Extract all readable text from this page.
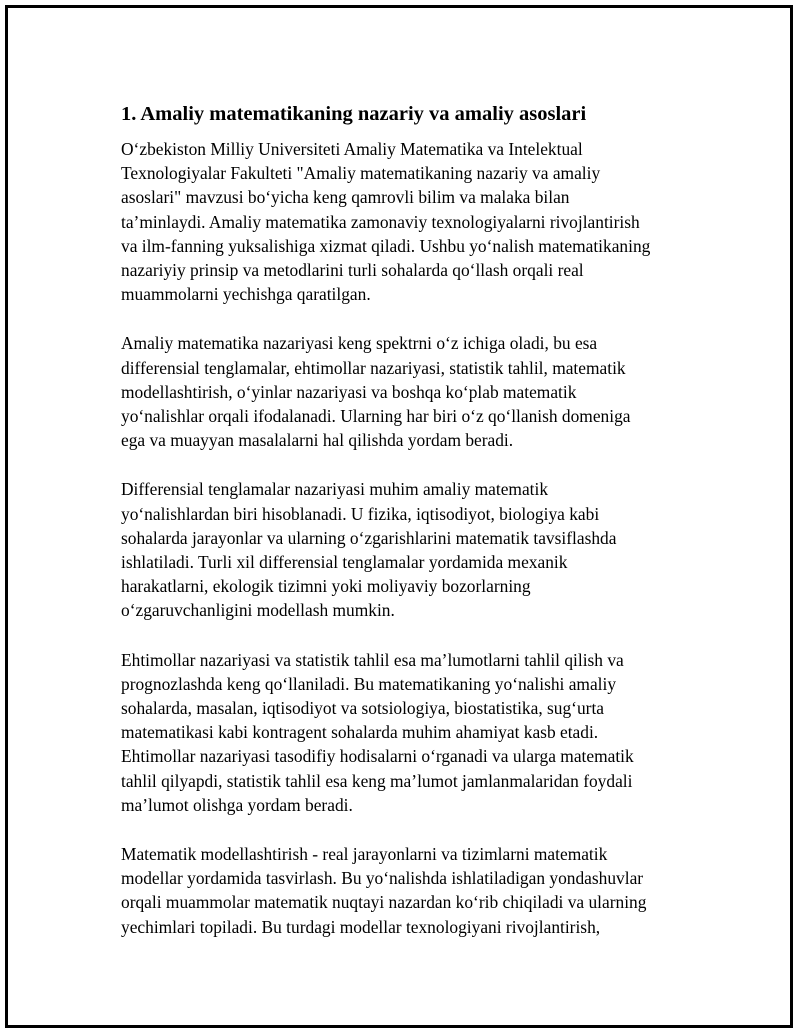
1. Amaliy matematikaning nazariy va amaliy asoslari
O‘zbekiston Milliy Universiteti Amaliy Matematika va Intelektual
Texnologiyalar Fakulteti "Amaliy matematikaning nazariy va amaliy
asoslari" mavzusi bo‘yicha keng qamrovli bilim va malaka bilan
ta’minlaydi. Amaliy matematika zamonaviy texnologiyalarni rivojlantirish
va ilm-fanning yuksalishiga xizmat qiladi. Ushbu yo‘nalish matematikaning
nazariyiy prinsip va metodlarini turli sohalarda qo‘llash orqali real
muammolarni yechishga qaratilgan.
Amaliy matematika nazariyasi keng spektrni o‘z ichiga oladi, bu esa
differensial tenglamalar, ehtimollar nazariyasi, statistik tahlil, matematik
modellashtirish, o‘yinlar nazariyasi va boshqa ko‘plab matematik
yo‘nalishlar orqali ifodalanadi. Ularning har biri o‘z qo‘llanish domeniga
ega va muayyan masalalarni hal qilishda yordam beradi.
Differensial tenglamalar nazariyasi muhim amaliy matematik
yo‘nalishlardan biri hisoblanadi. U fizika, iqtisodiyot, biologiya kabi
sohalarda jarayonlar va ularning o‘zgarishlarini matematik tavsiflashda
ishlatiladi. Turli xil differensial tenglamalar yordamida mexanik
harakatlarni, ekologik tizimni yoki moliyaviy bozorlarning
o‘zgaruvchanligini modellash mumkin.
Ehtimollar nazariyasi va statistik tahlil esa ma’lumotlarni tahlil qilish va
prognozlashda keng qo‘llaniladi. Bu matematikaning yo‘nalishi amaliy
sohalarda, masalan, iqtisodiyot va sotsiologiya, biostatistika, sug‘urta
matematikasi kabi kontragent sohalarda muhim ahamiyat kasb etadi.
Ehtimollar nazariyasi tasodifiy hodisalarni o‘rganadi va ularga matematik
tahlil qilyapdi, statistik tahlil esa keng ma’lumot jamlanmalaridan foydali
ma’lumot olishga yordam beradi.
Matematik modellashtirish - real jarayonlarni va tizimlarni matematik
modellar yordamida tasvirlash. Bu yo‘nalishda ishlatiladigan yondashuvlar
orqali muammolar matematik nuqtayi nazardan ko‘rib chiqiladi va ularning
yechimlari topiladi. Bu turdagi modellar texnologiyani rivojlantirish,
